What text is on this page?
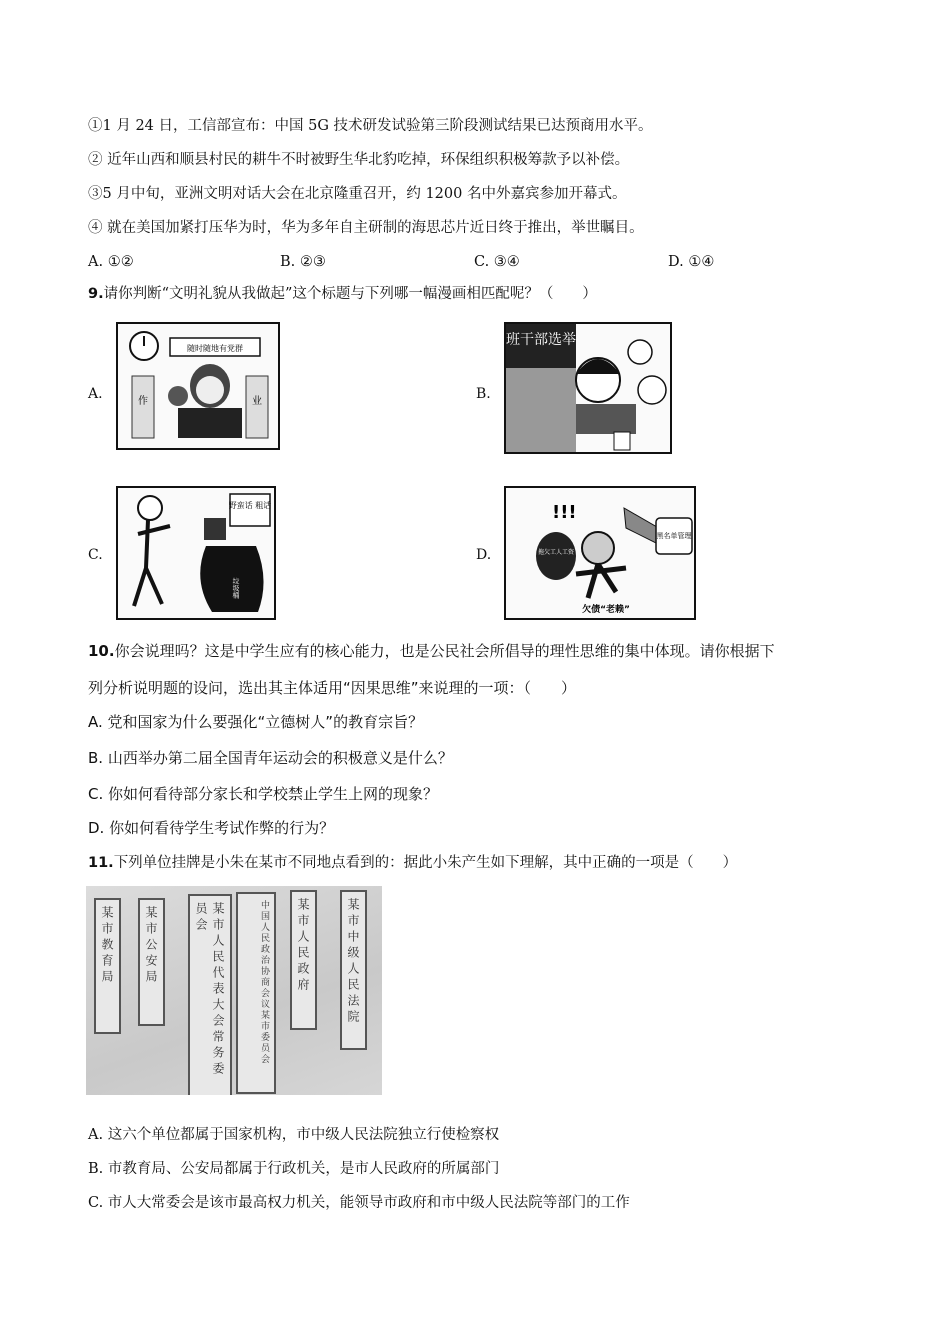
①1 月 24 日，工信部宣布：中国 5G 技术研发试验第三阶段测试结果已达预商用水平。
② 近年山西和顺县村民的耕牛不时被野生华北豹吃掉，环保组织积极筹款予以补偿。
③5 月中旬，亚洲文明对话大会在北京隆重召开，约 1200 名中外嘉宾参加开幕式。
④ 就在美国加紧打压华为时，华为多年自主研制的海思芯片近日终于推出，举世瞩目。
A. ①②	B. ②③	C. ③④	D. ①④
9.请你判断“文明礼貌从我做起”这个标题与下列哪一幅漫画相匹配呢？（　　）
A.	B.
C.	D.
随时随地有党群
作	业
班干部选举
野蛮话 粗话
垃圾桶
!!!
拖欠工人工资
黑名单管理
欠债“老赖”
10.你会说理吗？这是中学生应有的核心能力，也是公民社会所倡导的理性思维的集中体现。请你根据下
列分析说明题的设问，选出其主体适用“因果思维”来说理的一项：（　　）
A. 党和国家为什么要强化“立德树人”的教育宗旨？
B. 山西举办第二届全国青年运动会的积极意义是什么？
C. 你如何看待部分家长和学校禁止学生上网的现象？
D. 你如何看待学生考试作弊的行为？
11.下列单位挂牌是小朱在某市不同地点看到的：据此小朱产生如下理解，其中正确的一项是（　　）
某市教育局	某市公安局	某市人民代表大会常务委员会	中国人民政治协商会议某市委员会	某市人民政府	某市中级人民法院
A. 这六个单位都属于国家机构，市中级人民法院独立行使检察权
B. 市教育局、公安局都属于行政机关，是市人民政府的所属部门
C. 市人大常委会是该市最高权力机关，能领导市政府和市中级人民法院等部门的工作
